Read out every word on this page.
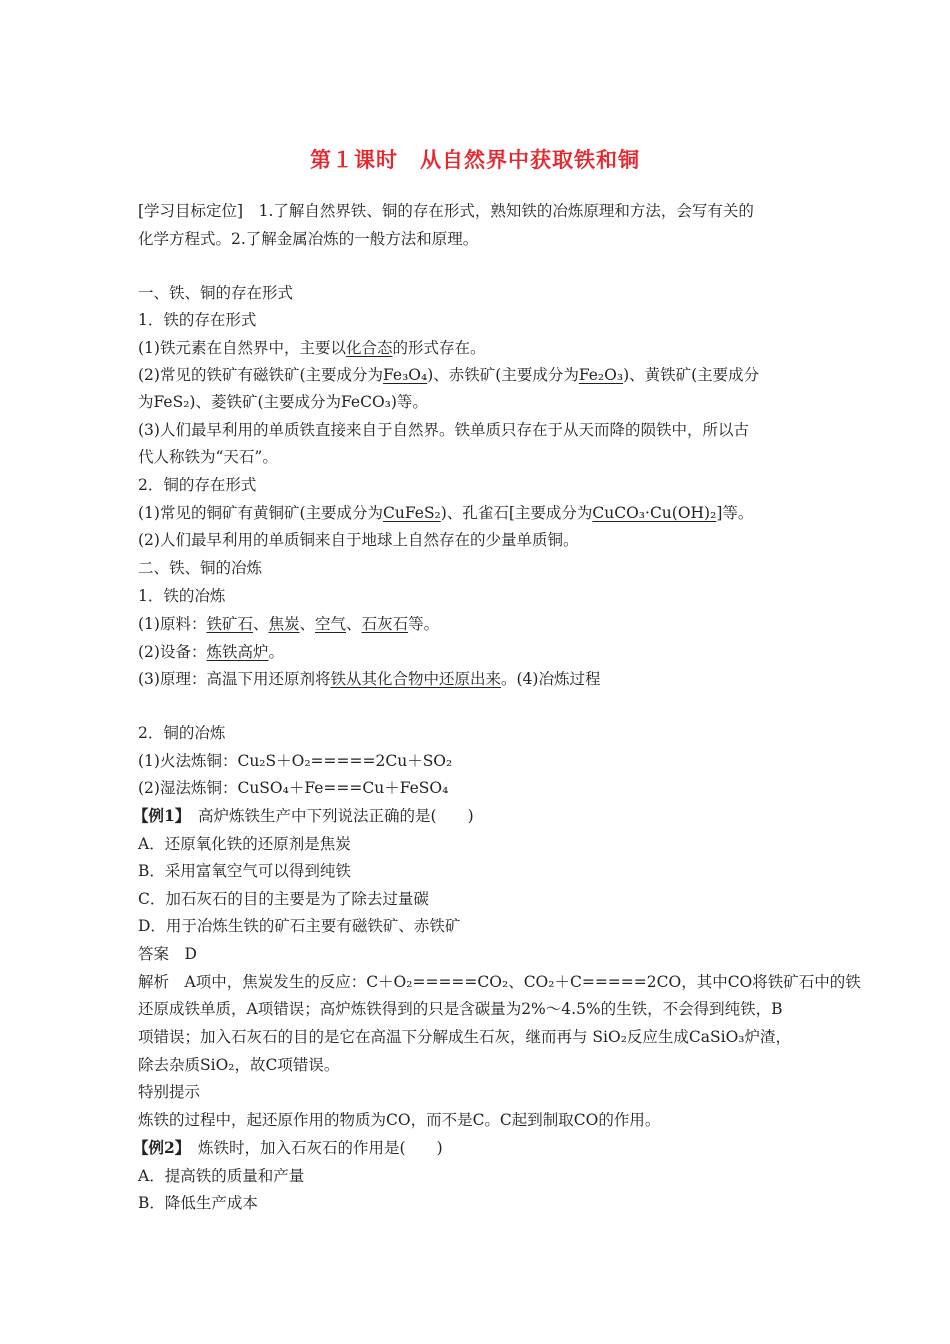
第１课时　从自然界中获取铁和铜
[学习目标定位]　1.了解自然界铁、铜的存在形式，熟知铁的冶炼原理和方法，会写有关的
化学方程式。2.了解金属冶炼的一般方法和原理。
一、铁、铜的存在形式
1．铁的存在形式
(1)铁元素在自然界中，主要以化合态的形式存在。
(2)常见的铁矿有磁铁矿(主要成分为Fe₃O₄)、赤铁矿(主要成分为Fe₂O₃)、黄铁矿(主要成分
为FeS₂)、菱铁矿(主要成分为FeCO₃)等。
(3)人们最早利用的单质铁直接来自于自然界。铁单质只存在于从天而降的陨铁中，所以古
代人称铁为“天石”。
2．铜的存在形式
(1)常见的铜矿有黄铜矿(主要成分为CuFeS₂)、孔雀石[主要成分为CuCO₃·Cu(OH)₂]等。
(2)人们最早利用的单质铜来自于地球上自然存在的少量单质铜。
二、铁、铜的冶炼
1．铁的冶炼
(1)原料：铁矿石、焦炭、空气、石灰石等。
(2)设备：炼铁高炉。
(3)原理：高温下用还原剂将铁从其化合物中还原出来。(4)冶炼过程
2．铜的冶炼
(1)火法炼铜：Cu₂S＋O₂=====2Cu＋SO₂
(2)湿法炼铜：CuSO₄＋Fe===Cu＋FeSO₄
【例1】　高炉炼铁生产中下列说法正确的是(　　)
A．还原氧化铁的还原剂是焦炭
B．采用富氧空气可以得到纯铁
C．加石灰石的目的主要是为了除去过量碳
D．用于冶炼生铁的矿石主要有磁铁矿、赤铁矿
答案　D
解析　A项中，焦炭发生的反应：C＋O₂=====CO₂、CO₂＋C=====2CO，其中CO将铁矿石中的铁
还原成铁单质，A项错误；高炉炼铁得到的只是含碳量为2%～4.5%的生铁，不会得到纯铁，B
项错误；加入石灰石的目的是它在高温下分解成生石灰，继而再与 SiO₂反应生成CaSiO₃炉渣，
除去杂质SiO₂，故C项错误。
特别提示
炼铁的过程中，起还原作用的物质为CO，而不是C。C起到制取CO的作用。
【例2】　炼铁时，加入石灰石的作用是(　　)
A．提高铁的质量和产量
B．降低生产成本
